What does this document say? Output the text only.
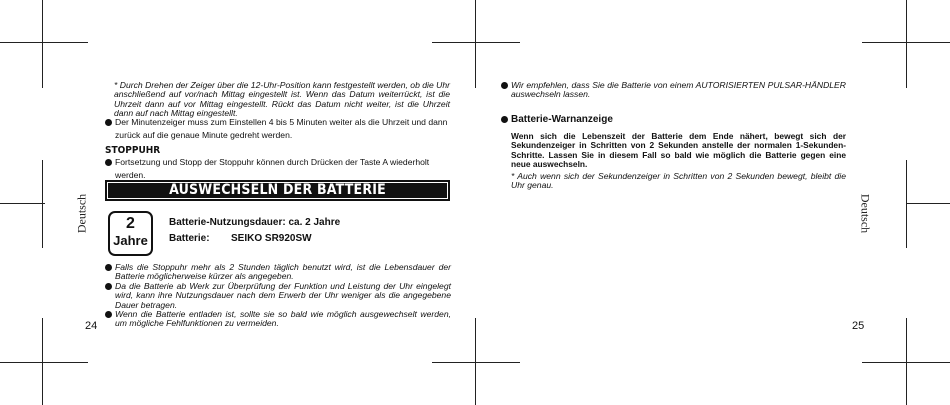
Deutsch
* Durch Drehen der Zeiger über die 12-Uhr-Position kann festgestellt werden, ob die Uhr anschließend auf vor/nach Mittag eingestellt ist. Wenn das Datum weiterrückt, ist die Uhrzeit dann auf vor Mittag eingestellt. Rückt das Datum nicht weiter, ist die Uhrzeit dann auf nach Mittag eingestellt.
Der Minutenzeiger muss zum Einstellen 4 bis 5 Minuten weiter als die Uhrzeit und dann zurück auf die genaue Minute gedreht werden.
STOPPUHR
Fortsetzung und Stopp der Stoppuhr können durch Drücken der Taste A wiederholt werden.
AUSWECHSELN DER BATTERIE
2
Jahre
Batterie-Nutzungsdauer: ca. 2 Jahre
Batterie: SEIKO SR920SW
Falls die Stoppuhr mehr als 2 Stunden täglich benutzt wird, ist die Lebensdauer der Batterie möglicherweise kürzer als angegeben.
Da die Batterie ab Werk zur Überprüfung der Funktion und Leistung der Uhr eingelegt wird, kann ihre Nutzungsdauer nach dem Erwerb der Uhr weniger als die angegebene Dauer betragen.
Wenn die Batterie entladen ist, sollte sie so bald wie möglich ausgewechselt werden, um mögliche Fehlfunktionen zu vermeiden.
24
Wir empfehlen, dass Sie die Batterie von einem AUTORISIERTEN PULSAR-HÄNDLER auswechseln lassen.
Batterie-Warnanzeige
Wenn sich die Lebenszeit der Batterie dem Ende nähert, bewegt sich der Sekundenzeiger in Schritten von 2 Sekunden anstelle der normalen 1-Sekunden-Schritte. Lassen Sie in diesem Fall so bald wie möglich die Batterie gegen eine neue auswechseln.
* Auch wenn sich der Sekundenzeiger in Schritten von 2 Sekunden bewegt, bleibt die Uhr genau.
Deutsch
25
